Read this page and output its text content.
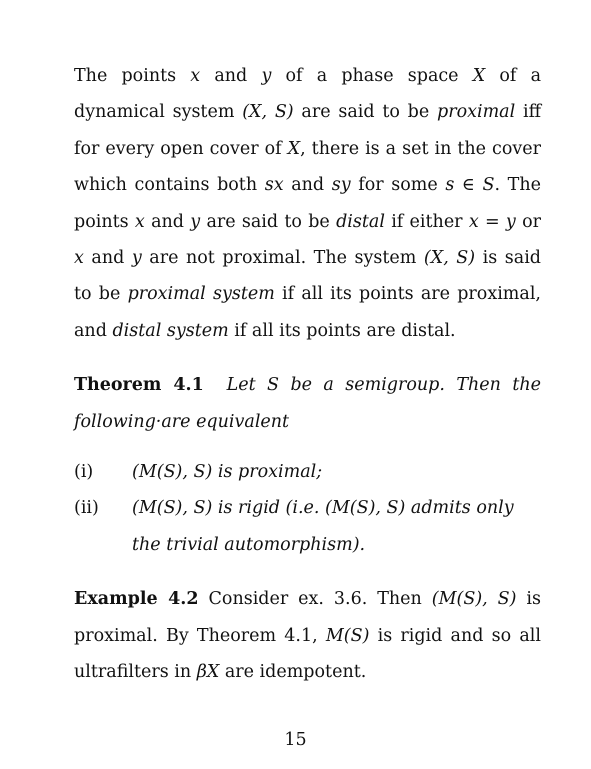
The points x and y of a phase space X of a dynamical system (X, S) are said to be proximal iff for every open cover of X, there is a set in the cover which contains both sx and sy for some s ∈ S. The points x and y are said to be distal if either x = y or x and y are not proximal. The system (X, S) is said to be proximal system if all its points are proximal, and distal system if all its points are distal.

Theorem 4.1 Let S be a semigroup. Then the following·are equivalent

(i)	(M(S), S) is proximal;
(ii)	(M(S), S) is rigid (i.e. (M(S), S) admits only the trivial automorphism).

Example 4.2 Consider ex. 3.6. Then (M(S), S) is proximal. By Theorem 4.1, M(S) is rigid and so all ultrafilters in βX are idempotent.

15
